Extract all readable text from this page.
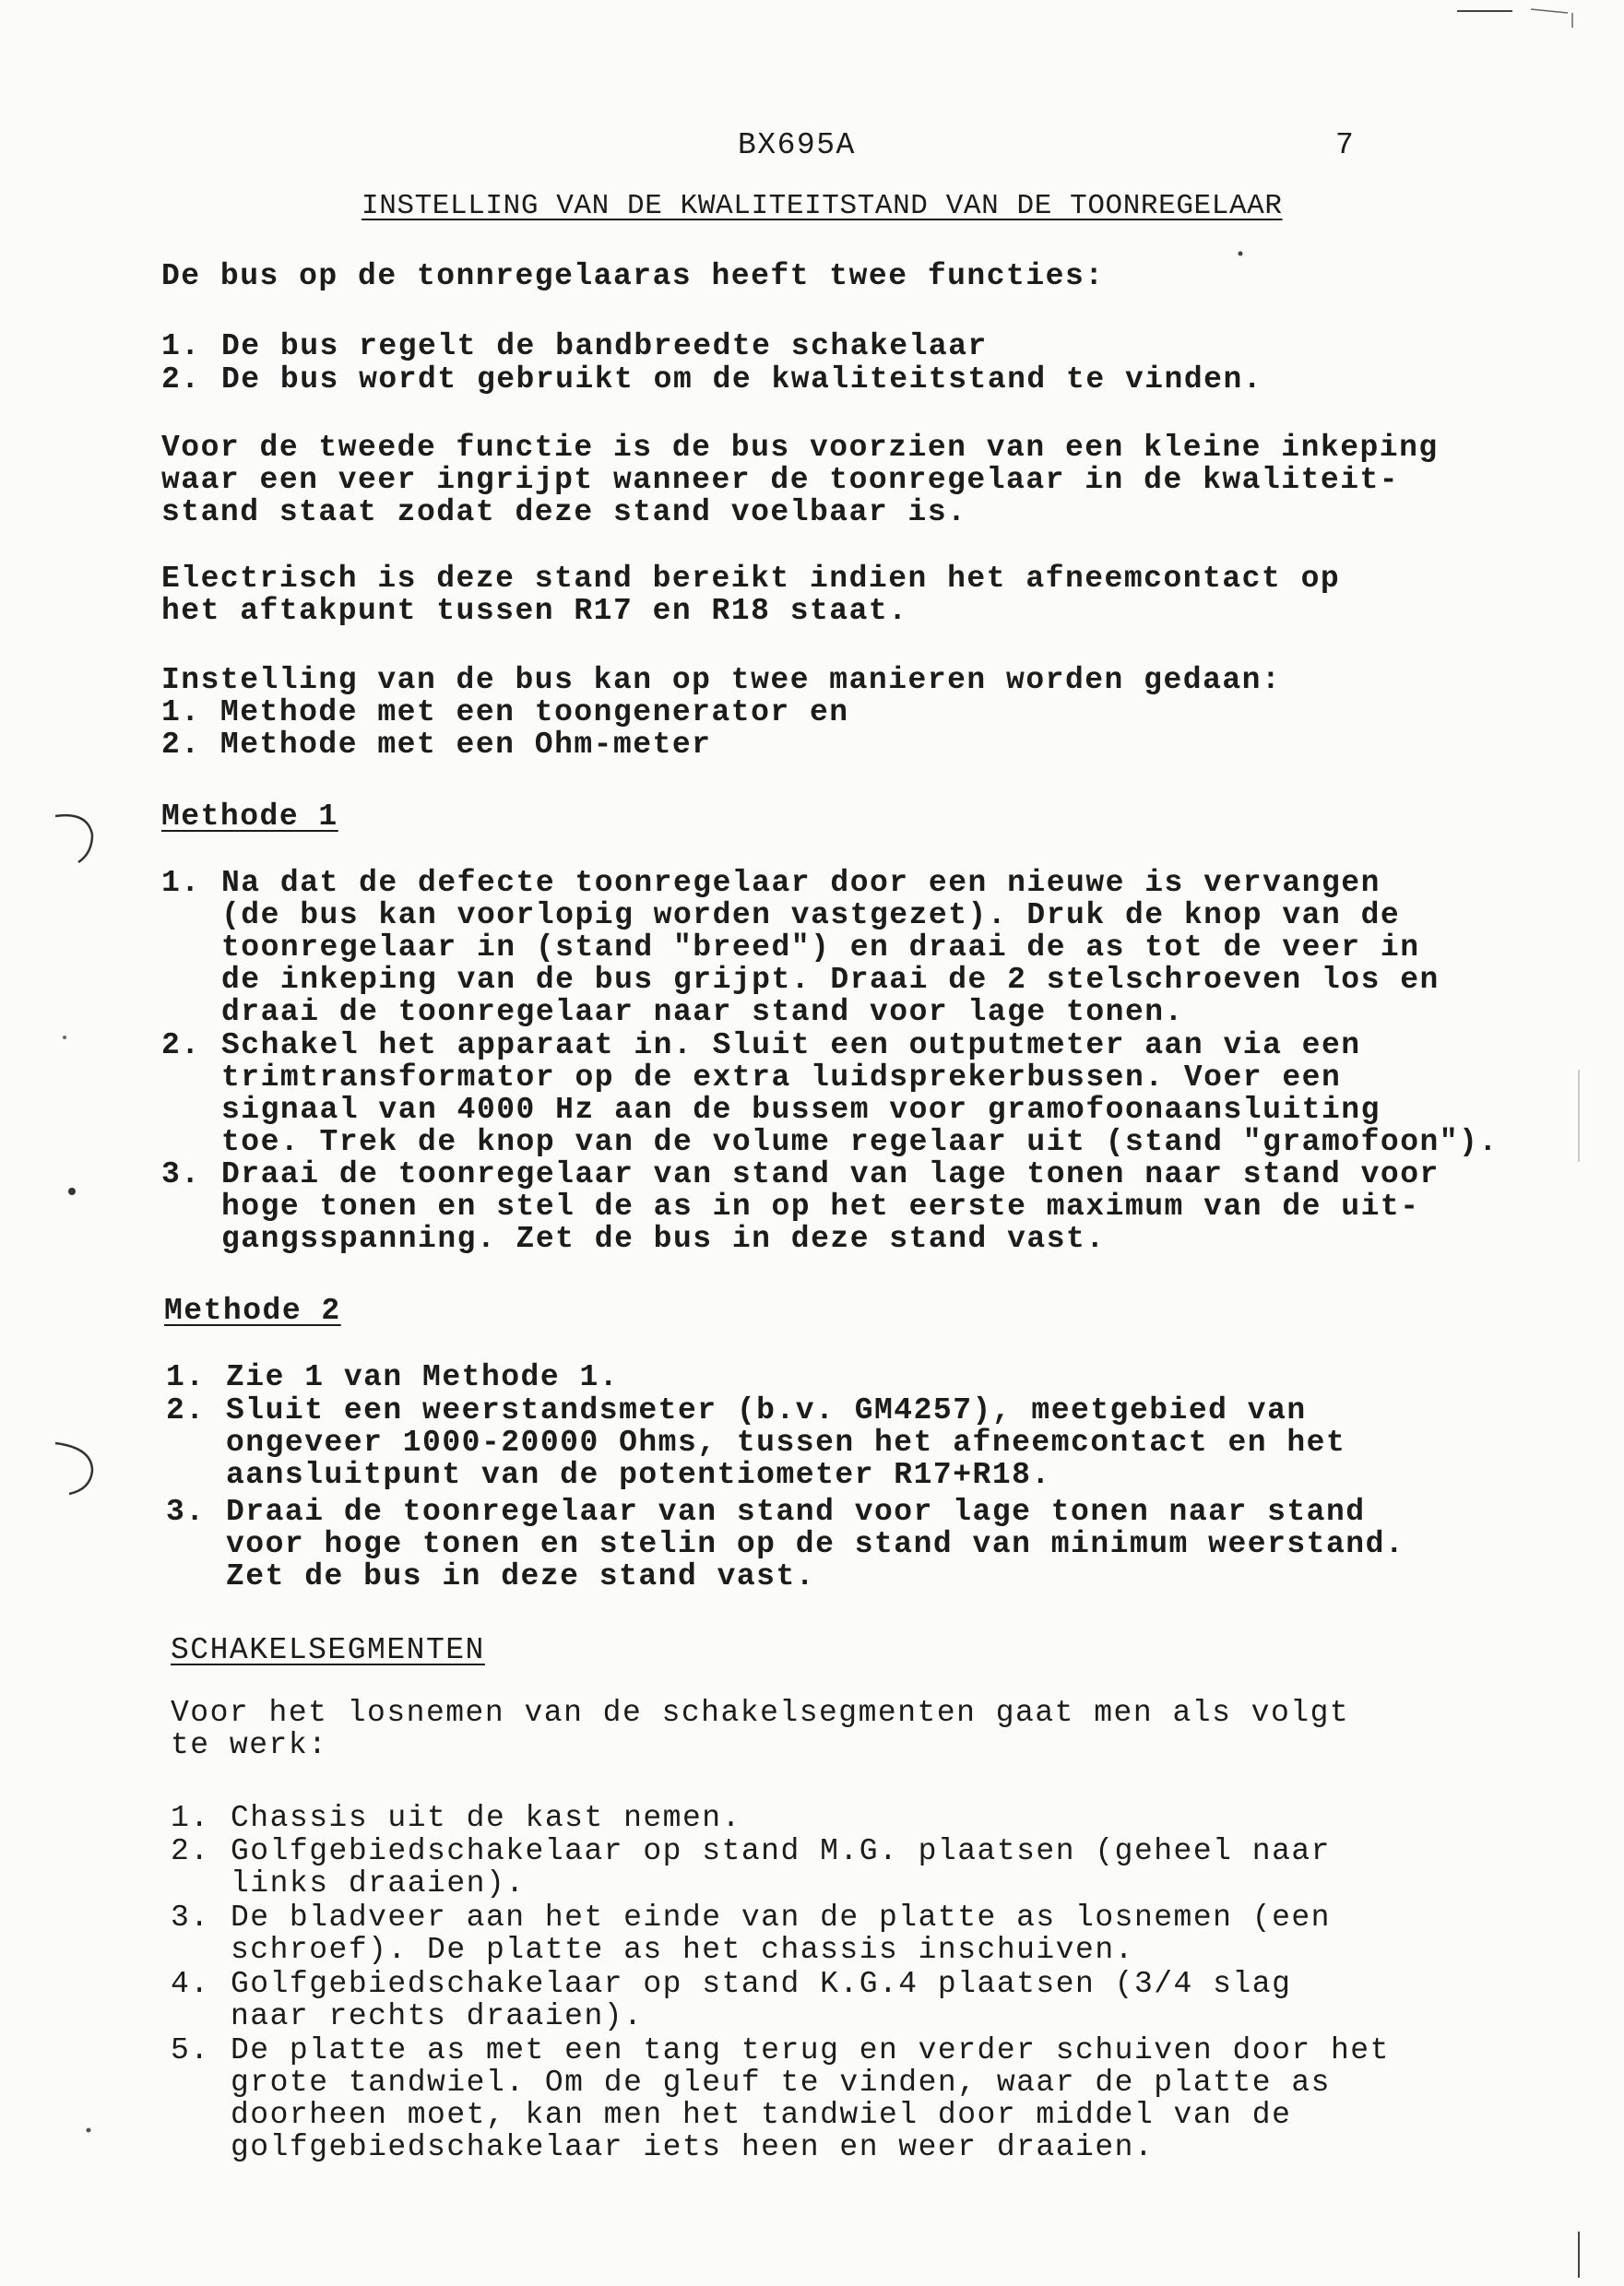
BX695A	7
INSTELLING VAN DE KWALITEITSTAND VAN DE TOONREGELAAR
De bus op de tonnregelaaras heeft twee functies:
1. De bus regelt de bandbreedte schakelaar
2. De bus wordt gebruikt om de kwaliteitstand te vinden.
Voor de tweede functie is de bus voorzien van een kleine inkeping
waar een veer ingrijpt wanneer de toonregelaar in de kwaliteit-
stand staat zodat deze stand voelbaar is.
Electrisch is deze stand bereikt indien het afneemcontact op
het aftakpunt tussen R17 en R18 staat.
Instelling van de bus kan op twee manieren worden gedaan:
1. Methode met een toongenerator en
2. Methode met een Ohm-meter
Methode 1
1. Na dat de defecte toonregelaar door een nieuwe is vervangen
(de bus kan voorlopig worden vastgezet). Druk de knop van de
toonregelaar in (stand "breed") en draai de as tot de veer in
de inkeping van de bus grijpt. Draai de 2 stelschroeven los en
draai de toonregelaar naar stand voor lage tonen.
2. Schakel het apparaat in. Sluit een outputmeter aan via een
trimtransformator op de extra luidsprekerbussen. Voer een
signaal van 4000 Hz aan de bussem voor gramofoonaansluiting
toe. Trek de knop van de volume regelaar uit (stand "gramofoon").
3. Draai de toonregelaar van stand van lage tonen naar stand voor
hoge tonen en stel de as in op het eerste maximum van de uit-
gangsspanning. Zet de bus in deze stand vast.
Methode 2
1. Zie 1 van Methode 1.
2. Sluit een weerstandsmeter (b.v. GM4257), meetgebied van
ongeveer 1000-20000 Ohms, tussen het afneemcontact en het
aansluitpunt van de potentiometer R17+R18.
3. Draai de toonregelaar van stand voor lage tonen naar stand
voor hoge tonen en stelin op de stand van minimum weerstand.
Zet de bus in deze stand vast.
SCHAKELSEGMENTEN
Voor het losnemen van de schakelsegmenten gaat men als volgt
te werk:
1. Chassis uit de kast nemen.
2. Golfgebiedschakelaar op stand M.G. plaatsen (geheel naar
links draaien).
3. De bladveer aan het einde van de platte as losnemen (een
schroef). De platte as het chassis inschuiven.
4. Golfgebiedschakelaar op stand K.G.4 plaatsen (3/4 slag
naar rechts draaien).
5. De platte as met een tang terug en verder schuiven door het
grote tandwiel. Om de gleuf te vinden, waar de platte as
doorheen moet, kan men het tandwiel door middel van de
golfgebiedschakelaar iets heen en weer draaien.
